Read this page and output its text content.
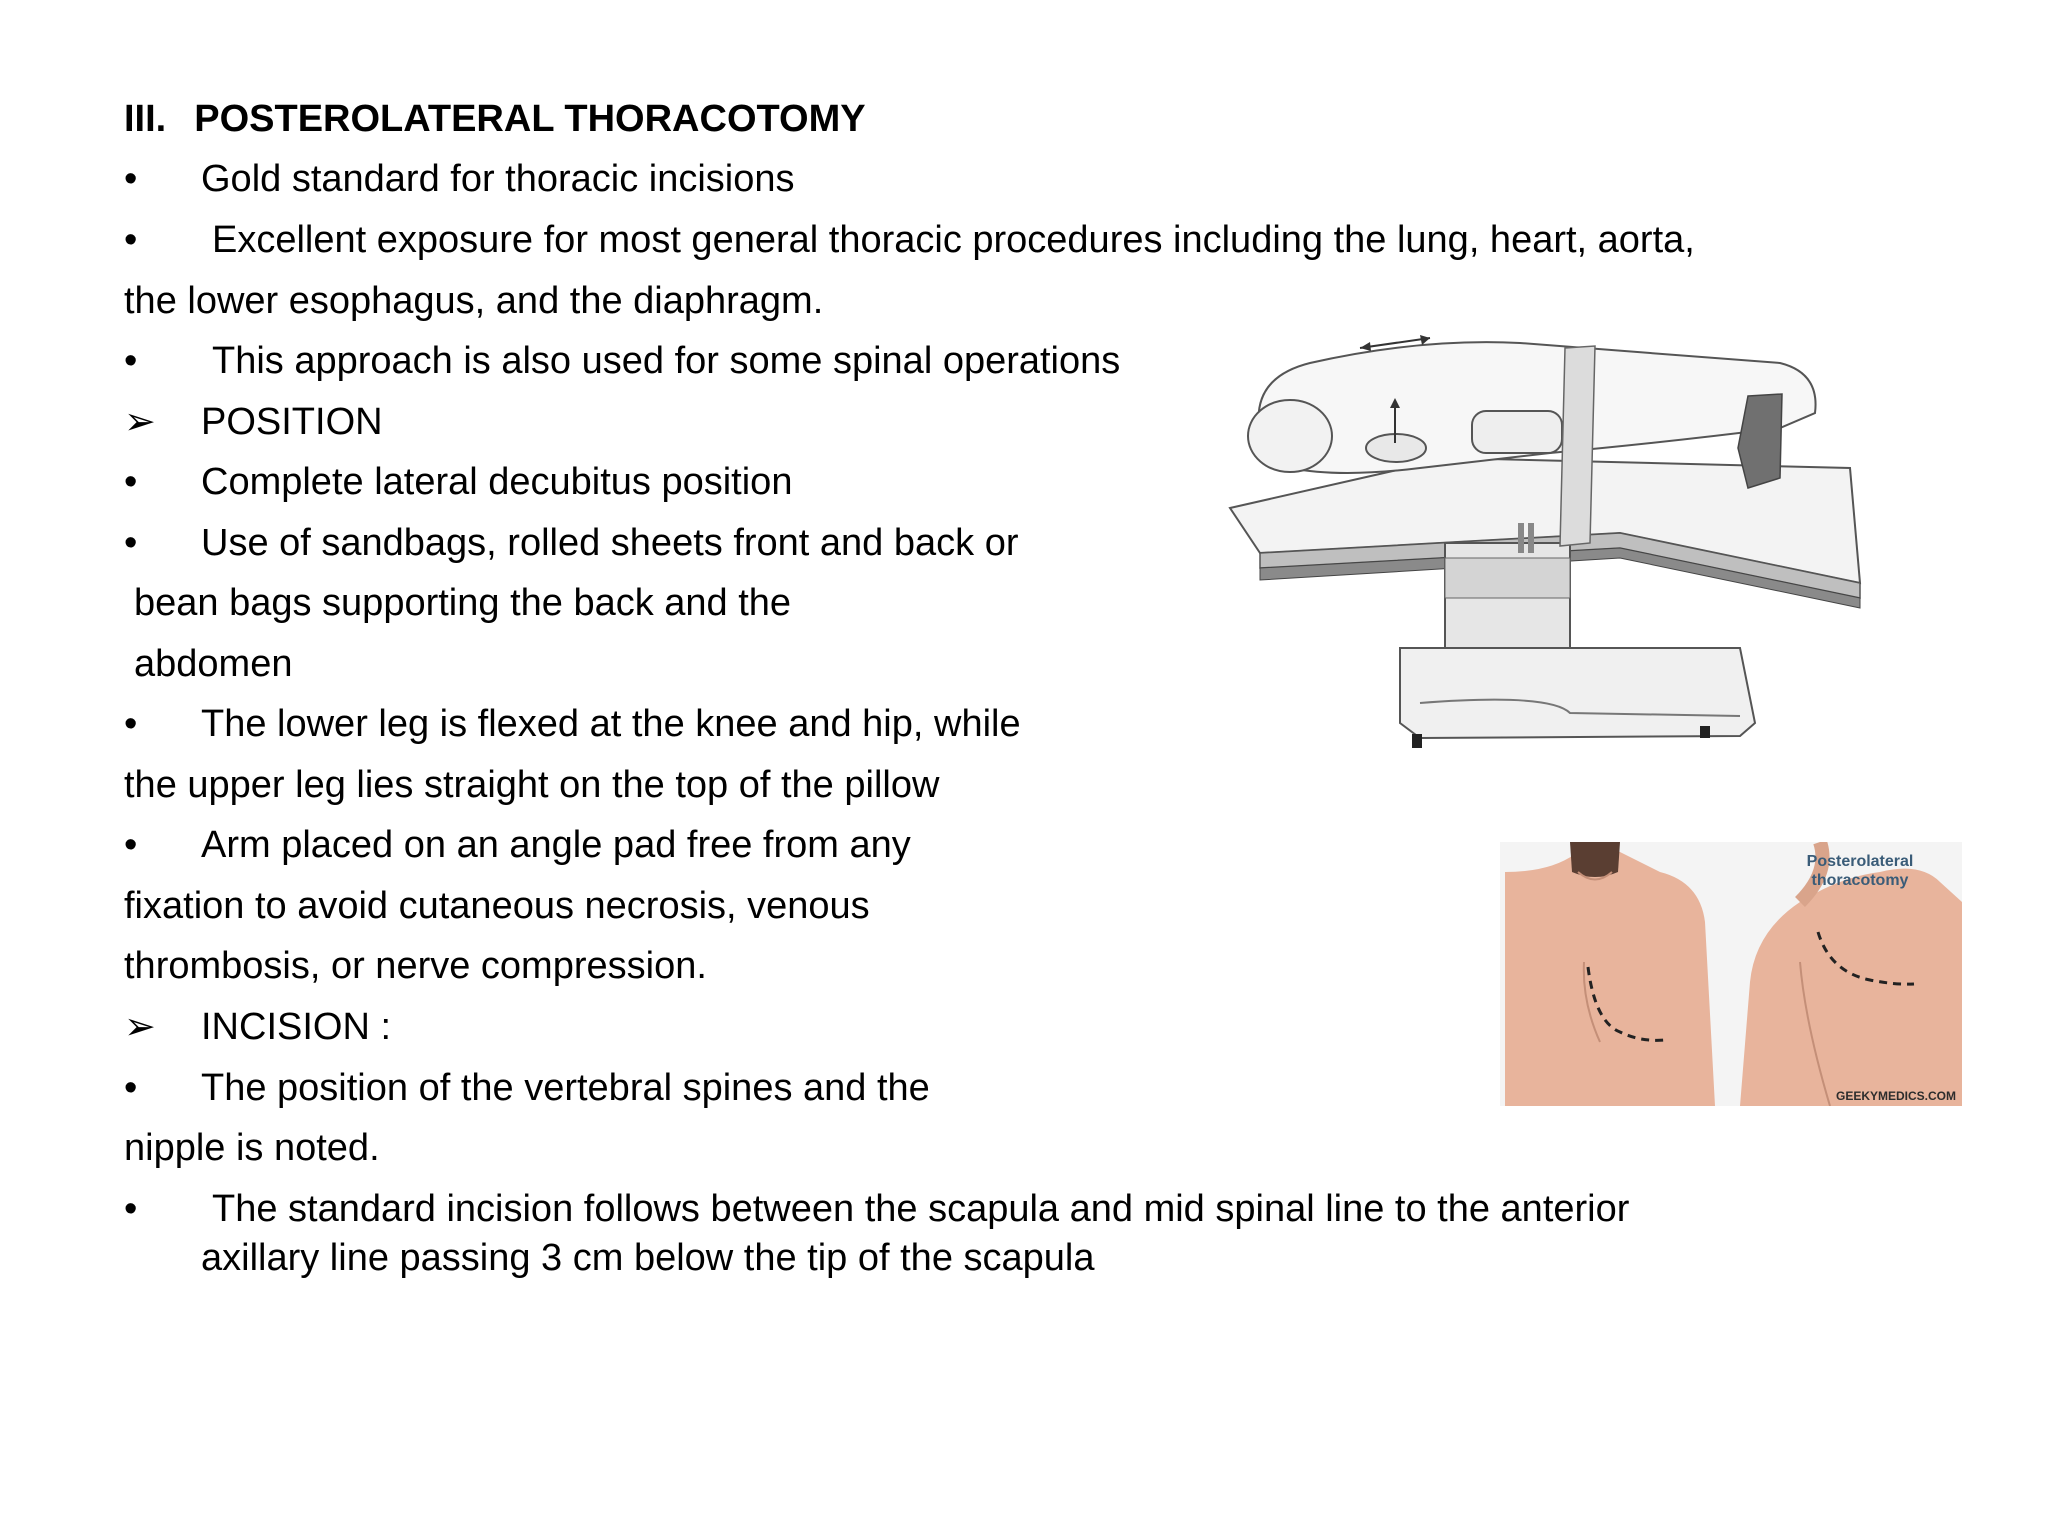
III. POSTEROLATERAL THORACOTOMY
• Gold standard for thoracic incisions
• Excellent exposure for most general thoracic procedures including the lung, heart, aorta,
the lower esophagus, and the diaphragm.
• This approach is also used for some spinal operations
➢ POSITION
• Complete lateral decubitus position
• Use of sandbags, rolled sheets front and back or
bean bags supporting the back and the
abdomen
• The lower leg is flexed at the knee and hip, while
the upper leg lies straight on the top of the pillow
• Arm placed on an angle pad free from any
fixation to avoid cutaneous necrosis, venous
thrombosis, or nerve compression.
➢ INCISION :
• The position of the vertebral spines and the
nipple is noted.
• The standard incision follows between the scapula and mid spinal line to the anterior
axillary line passing 3 cm below the tip of the scapula
Posterolateral
thoracotomy
GEEKYMEDICS.COM
